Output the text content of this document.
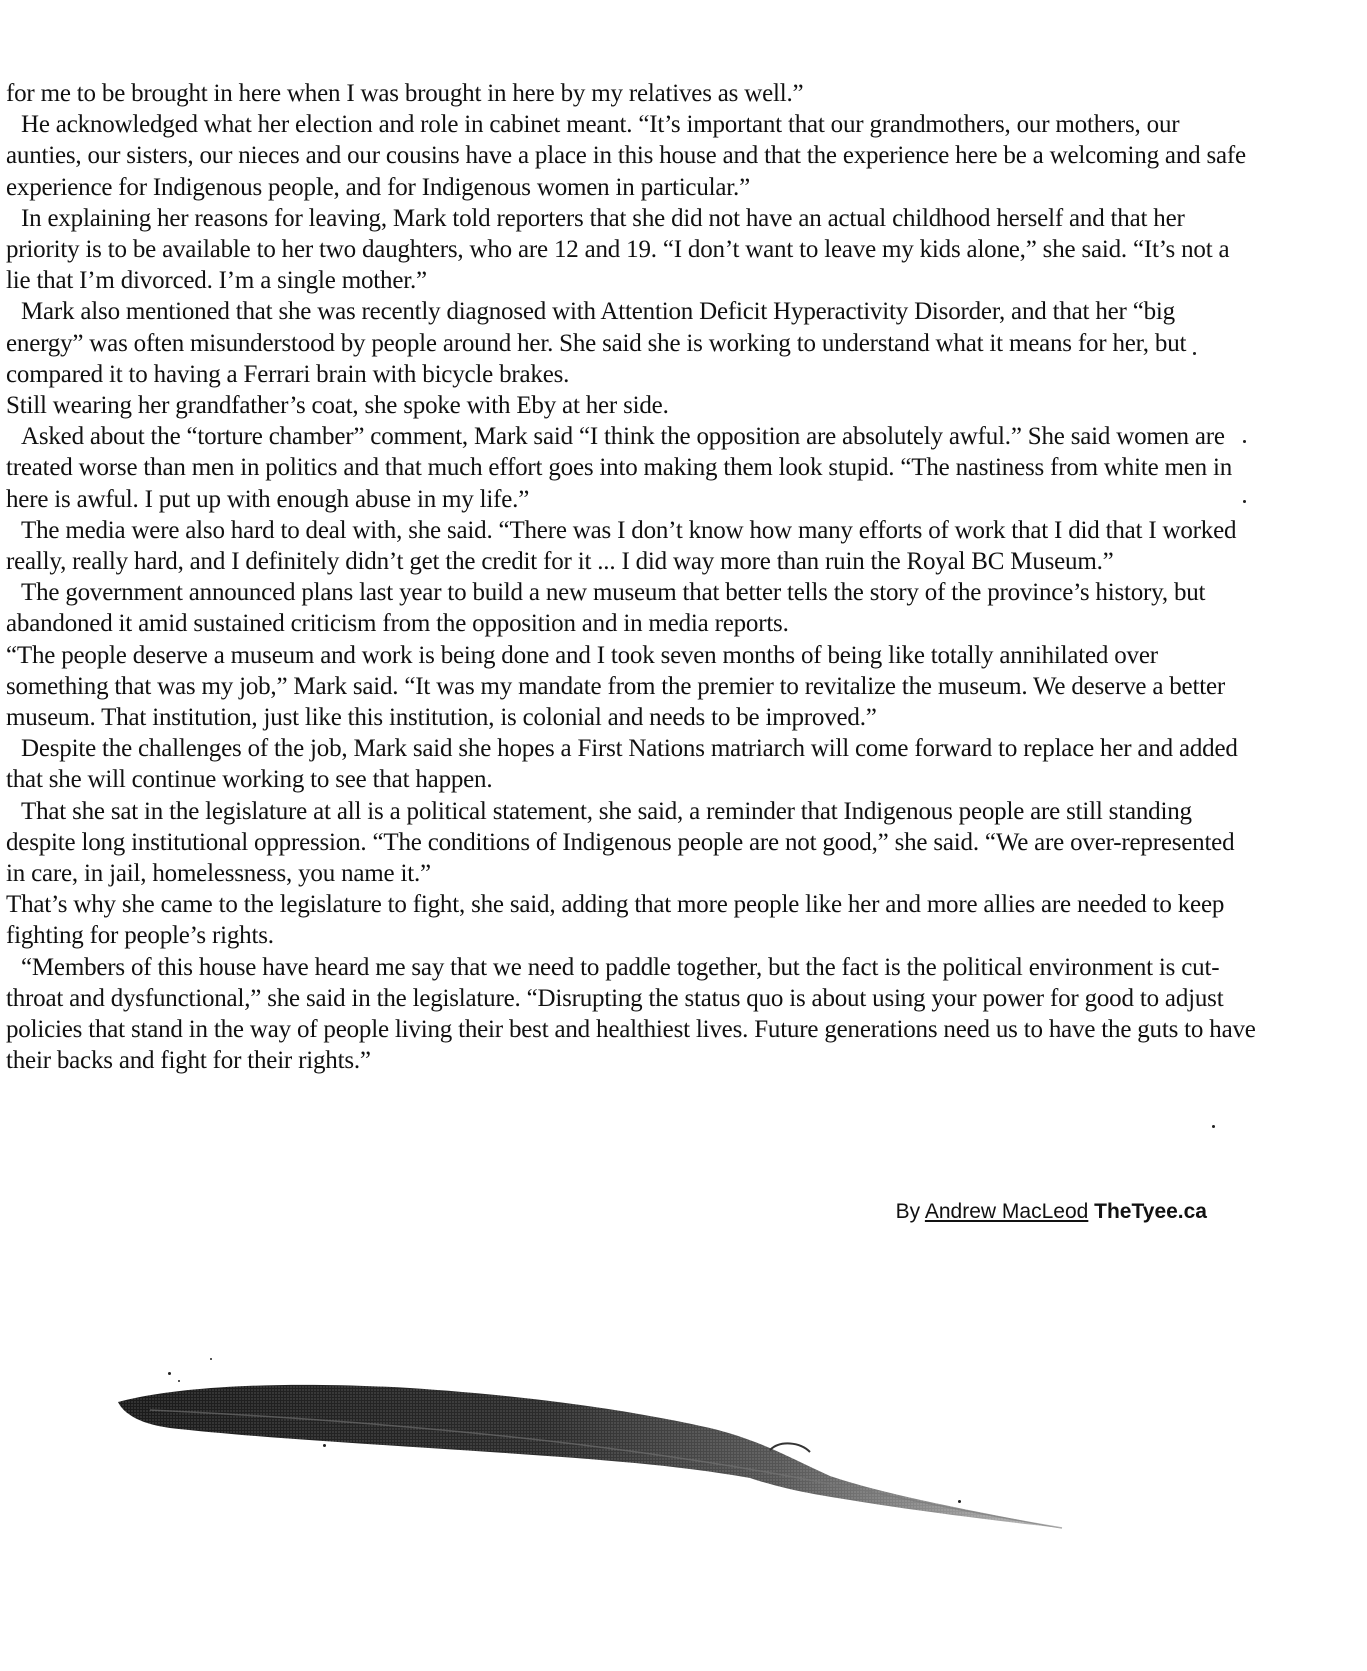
for me to be brought in here when I was brought in here by my relatives as well.”

He acknowledged what her election and role in cabinet meant. “It’s important that our grandmothers, our mothers, our aunties, our sisters, our nieces and our cousins have a place in this house and that the experience here be a welcoming and safe experience for Indigenous people, and for Indigenous women in particular.”

In explaining her reasons for leaving, Mark told reporters that she did not have an actual childhood herself and that her priority is to be available to her two daughters, who are 12 and 19. “I don’t want to leave my kids alone,” she said. “It’s not a lie that I’m divorced. I’m a single mother.”

Mark also mentioned that she was recently diagnosed with Attention Deficit Hyperactivity Disorder, and that her “big energy” was often misunderstood by people around her. She said she is working to understand what it means for her, but compared it to having a Ferrari brain with bicycle brakes.

Still wearing her grandfather’s coat, she spoke with Eby at her side.

Asked about the “torture chamber” comment, Mark said “I think the opposition are absolutely awful.” She said women are treated worse than men in politics and that much effort goes into making them look stupid. “The nastiness from white men in here is awful. I put up with enough abuse in my life.”

The media were also hard to deal with, she said. “There was I don’t know how many efforts of work that I did that I worked really, really hard, and I definitely didn’t get the credit for it ... I did way more than ruin the Royal BC Museum.”

The government announced plans last year to build a new museum that better tells the story of the province’s history, but abandoned it amid sustained criticism from the opposition and in media reports.

“The people deserve a museum and work is being done and I took seven months of being like totally annihilated over something that was my job,” Mark said. “It was my mandate from the premier to revitalize the museum. We deserve a better museum. That institution, just like this institution, is colonial and needs to be improved.”

Despite the challenges of the job, Mark said she hopes a First Nations matriarch will come forward to replace her and added that she will continue working to see that happen.

That she sat in the legislature at all is a political statement, she said, a reminder that Indigenous people are still standing despite long institutional oppression. “The conditions of Indigenous people are not good,” she said. “We are over-represented in care, in jail, homelessness, you name it.”

That’s why she came to the legislature to fight, she said, adding that more people like her and more allies are needed to keep fighting for people’s rights.

“Members of this house have heard me say that we need to paddle together, but the fact is the political environment is cut-throat and dysfunctional,” she said in the legislature. “Disrupting the status quo is about using your power for good to adjust policies that stand in the way of people living their best and healthiest lives. Future generations need us to have the guts to have their backs and fight for their rights.”

By Andrew MacLeod TheTyee.ca
